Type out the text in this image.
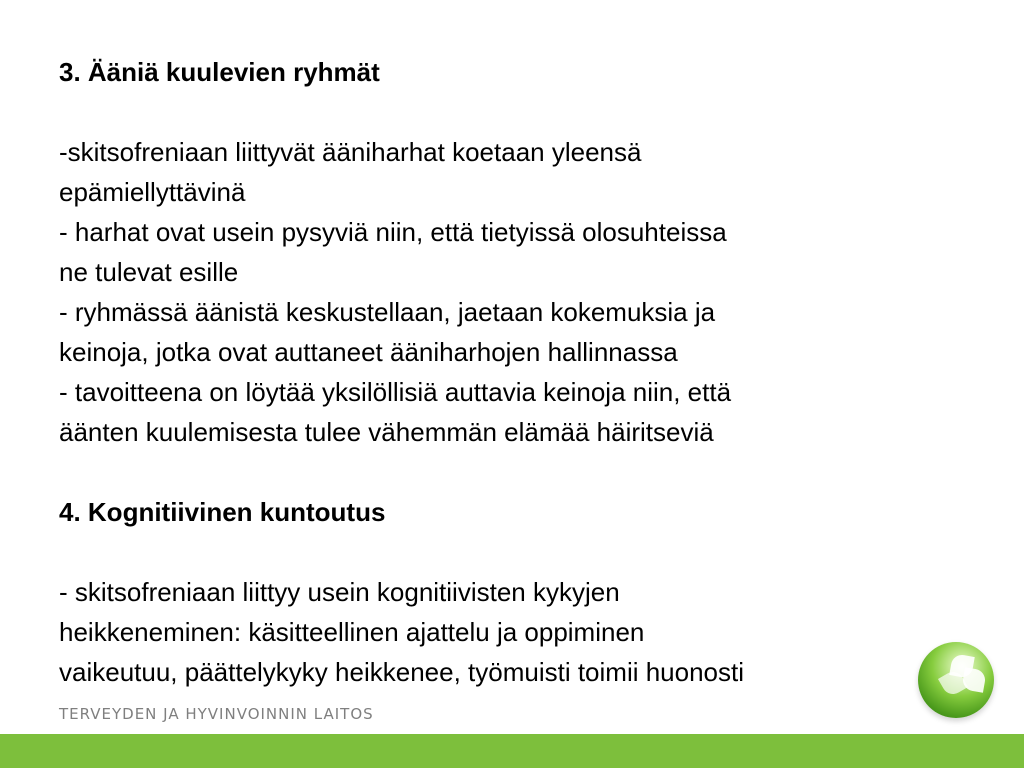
3. Ääniä kuulevien ryhmät

-skitsofreniaan liittyvät ääniharhat koetaan yleensä

epämiellyttävinä

- harhat ovat usein pysyviä niin, että tietyissä olosuhteissa

ne tulevat esille

- ryhmässä äänistä keskustellaan, jaetaan kokemuksia ja

keinoja, jotka ovat auttaneet ääniharhojen hallinnassa

- tavoitteena on löytää yksilöllisiä auttavia keinoja niin, että

äänten kuulemisesta tulee vähemmän elämää häiritseviä

4. Kognitiivinen kuntoutus

- skitsofreniaan liittyy usein kognitiivisten kykyjen

heikkeneminen: käsitteellinen ajattelu ja oppiminen

vaikeutuu, päättelykyky heikkenee, työmuisti toimii huonosti

TERVEYDEN JA HYVINVOINNIN LAITOS
